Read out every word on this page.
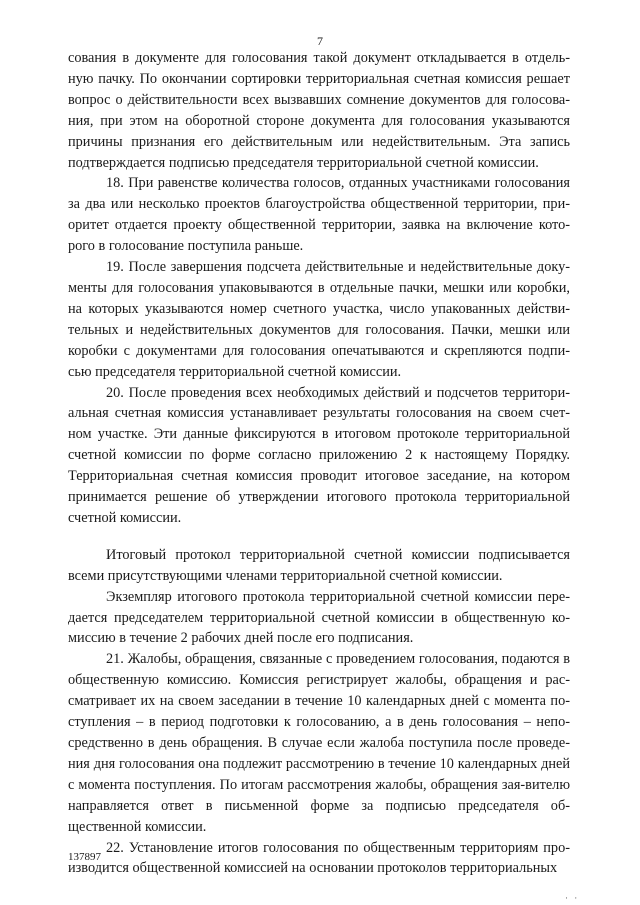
7

сования в документе для голосования такой документ откладывается в отдель-ную пачку. По окончании сортировки территориальная счетная комиссия решает вопрос о действительности всех вызвавших сомнение документов для голосова-ния, при этом на оборотной стороне документа для голосования указываются причины признания его действительным или недействительным. Эта запись подтверждается подписью председателя территориальной счетной комиссии.

18. При равенстве количества голосов, отданных участниками голосования за два или несколько проектов благоустройства общественной территории, при-оритет отдается проекту общественной территории, заявка на включение кото-рого в голосование поступила раньше.

19. После завершения подсчета действительные и недействительные доку-менты для голосования упаковываются в отдельные пачки, мешки или коробки, на которых указываются номер счетного участка, число упакованных действи-тельных и недействительных документов для голосования. Пачки, мешки или коробки с документами для голосования опечатываются и скрепляются подпи-сью председателя территориальной счетной комиссии.

20. После проведения всех необходимых действий и подсчетов территори-альная счетная комиссия устанавливает результаты голосования на своем счет-ном участке. Эти данные фиксируются в итоговом протоколе территориальной счетной комиссии по форме согласно приложению 2 к настоящему Порядку. Территориальная счетная комиссия проводит итоговое заседание, на котором принимается решение об утверждении итогового протокола территориальной счетной комиссии.

Итоговый протокол территориальной счетной комиссии подписывается всеми присутствующими членами территориальной счетной комиссии.

Экземпляр итогового протокола территориальной счетной комиссии пере-дается председателем территориальной счетной комиссии в общественную ко-миссию в течение 2 рабочих дней после его подписания.

21. Жалобы, обращения, связанные с проведением голосования, подаются в общественную комиссию. Комиссия регистрирует жалобы, обращения и рас-сматривает их на своем заседании в течение 10 календарных дней с момента по-ступления – в период подготовки к голосованию, а в день голосования – непо-средственно в день обращения. В случае если жалоба поступила после проведе-ния дня голосования она подлежит рассмотрению в течение 10 календарных дней с момента поступления. По итогам рассмотрения жалобы, обращения зая-вителю направляется ответ в письменной форме за подписью председателя об-щественной комиссии.

22. Установление итогов голосования по общественным территориям про-изводится общественной комиссией на основании протоколов территориальных

137897
· ·
